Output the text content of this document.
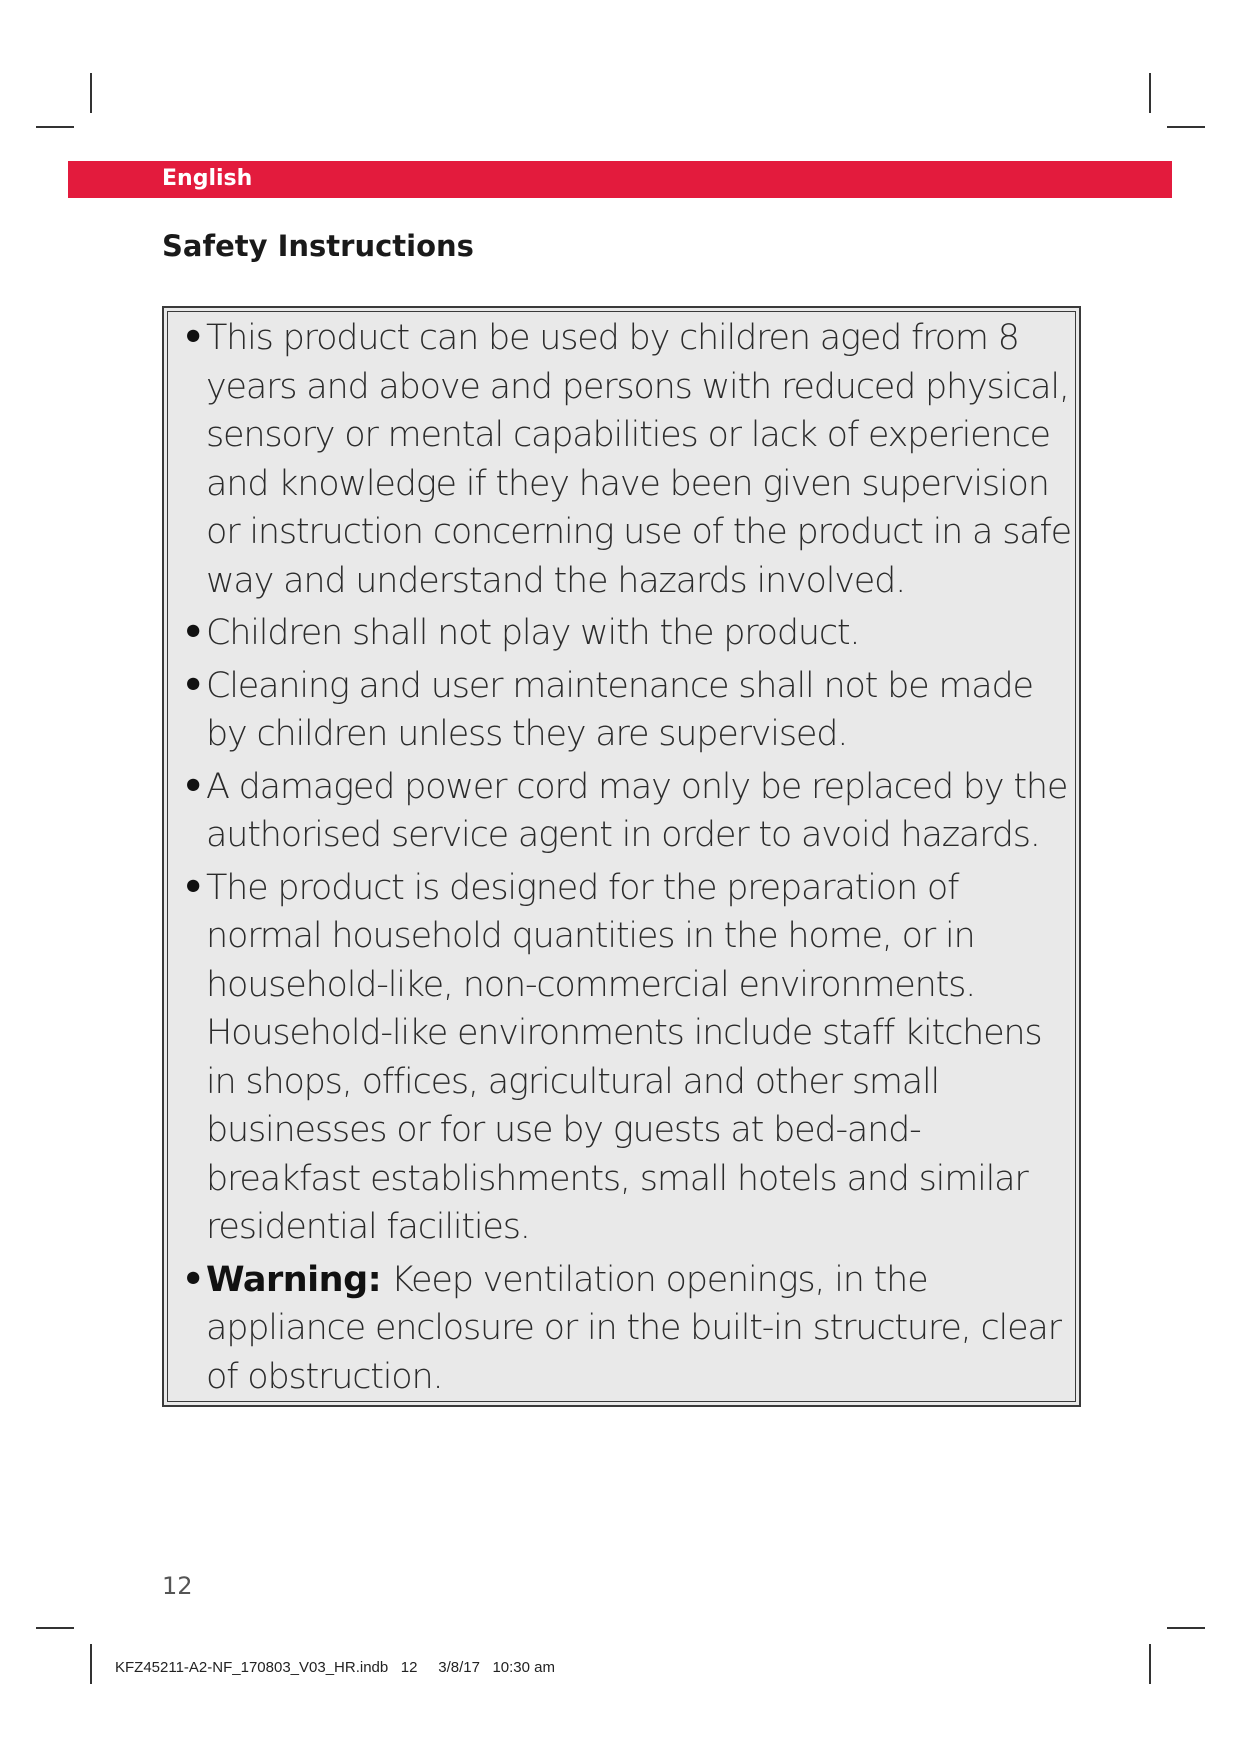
English
Safety Instructions
• This product can be used by children aged from 8 years and above and persons with reduced physical, sensory or mental capabilities or lack of experience and knowledge if they have been given supervision or instruction concerning use of the product in a safe way and understand the hazards involved.
• Children shall not play with the product.
• Cleaning and user maintenance shall not be made by children unless they are supervised.
• A damaged power cord may only be replaced by the authorised service agent in order to avoid hazards.
• The product is designed for the preparation of normal household quantities in the home, or in household-like, non-commercial environments. Household-like environments include staff kitchens in shops, offices, agricultural and other small businesses or for use by guests at bed-and-breakfast establishments, small hotels and similar residential facilities.
• Warning: Keep ventilation openings, in the appliance enclosure or in the built-in structure, clear of obstruction.
12
KFZ45211-A2-NF_170803_V03_HR.indb   12     3/8/17   10:30 am
